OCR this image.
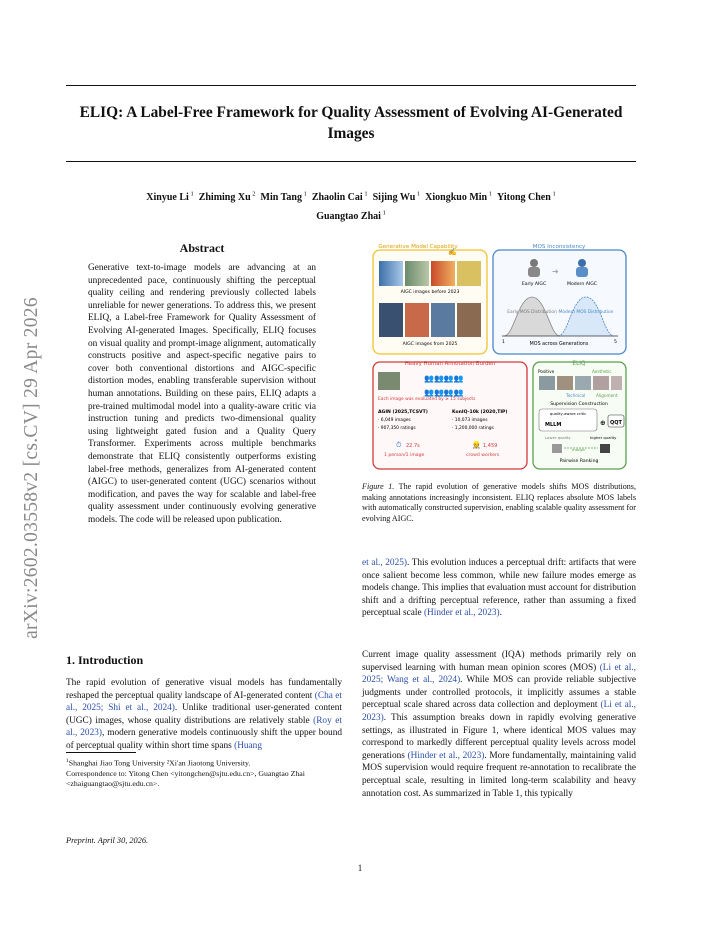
arXiv:2602.03558v2 [cs.CV] 29 Apr 2026
ELIQ: A Label-Free Framework for Quality Assessment of Evolving AI-Generated Images
Xinyue Li $^1$ Zhiming Xu $^2$ Min Tang $^1$ Zhaolin Cai $^1$ Sijing Wu $^1$ Xiongkuo Min $^1$ Yitong Chen $^1$
Guangtao Zhai $^1$
Abstract
Generative text-to-image models are advancing at an unprecedented pace, continuously shifting the perceptual quality ceiling and rendering previously collected labels unreliable for newer generations. To address this, we present ELIQ, a Label-free Framework for Quality Assessment of Evolving AI-generated Images. Specifically, ELIQ focuses on visual quality and prompt-image alignment, automatically constructs positive and aspect-specific negative pairs to cover both conventional distortions and AIGC-specific distortion modes, enabling transferable supervision without human annotations. Building on these pairs, ELIQ adapts a pre-trained multimodal model into a quality-aware critic via instruction tuning and predicts two-dimensional quality using lightweight gated fusion and a Quality Query Transformer. Experiments across multiple benchmarks demonstrate that ELIQ consistently outperforms existing label-free methods, generalizes from AI-generated content (AIGC) to user-generated content (UGC) scenarios without modification, and paves the way for scalable and label-free quality assessment under continuously evolving generative models. The code will be released upon publication.
1. Introduction
The rapid evolution of generative visual models has fundamentally reshaped the perceptual quality landscape of AI-generated content (Cha et al., 2025; Shi et al., 2024). Unlike traditional user-generated content (UGC) images, whose quality distributions are relatively stable (Roy et al., 2023), modern generative models continuously shift the upper bound of perceptual quality within short time spans (Huang
$^1$Shanghai Jiao Tong University ²Xi'an Jiaotong University.
Correspondence to: Yitong Chen <yitongchen@sjtu.edu.cn>, Guangtao Zhai <zhaiguangtao@sjtu.edu.cn>.
Preprint. April 30, 2026.
1
Generative Model Capability
✍
AIGC images before 2023
AIGC images from 2025
MOS Inconsistency
➜
Early AIGC	Modern AIGC
Early MOS Distribution Modern MOS Distribution
1	5
MOS across Generations
Heavy Human Annotation Burden
👥👥👥👥
👥👥👥👥
Each image was evaluated by ≥ 15 subjects
AGIN (2025,TCSVT)
· 6,049 images
· 907,350 ratings
KonIQ-10k (2020,TIP)
· 10,073 images
· 1,200,000 ratings
⏱ 22.7s
1 person/1 image
👷 1,459
crowd workers
ELIQ
Positive	Aesthetic
Technical	Alignment
Supervision Construction
quality-aware critic
MLLM	⊕ QQT
Lower quality	higher quality
margin
Pairwise Ranking
Figure 1. The rapid evolution of generative models shifts MOS distributions, making annotations increasingly inconsistent. ELIQ replaces absolute MOS labels with automatically constructed supervision, enabling scalable quality assessment for evolving AIGC.
et al., 2025). This evolution induces a perceptual drift: artifacts that were once salient become less common, while new failure modes emerge as models change. This implies that evaluation must account for distribution shift and a drifting perceptual reference, rather than assuming a fixed perceptual scale (Hinder et al., 2023).
Current image quality assessment (IQA) methods primarily rely on supervised learning with human mean opinion scores (MOS) (Li et al., 2025; Wang et al., 2024). While MOS can provide reliable subjective judgments under controlled protocols, it implicitly assumes a stable perceptual scale shared across data collection and deployment (Li et al., 2023). This assumption breaks down in rapidly evolving generative settings, as illustrated in Figure 1, where identical MOS values may correspond to markedly different perceptual quality levels across model generations (Hinder et al., 2023). More fundamentally, maintaining valid MOS supervision would require frequent re-annotation to recalibrate the perceptual scale, resulting in limited long-term scalability and heavy annotation cost. As summarized in Table 1, this typically
